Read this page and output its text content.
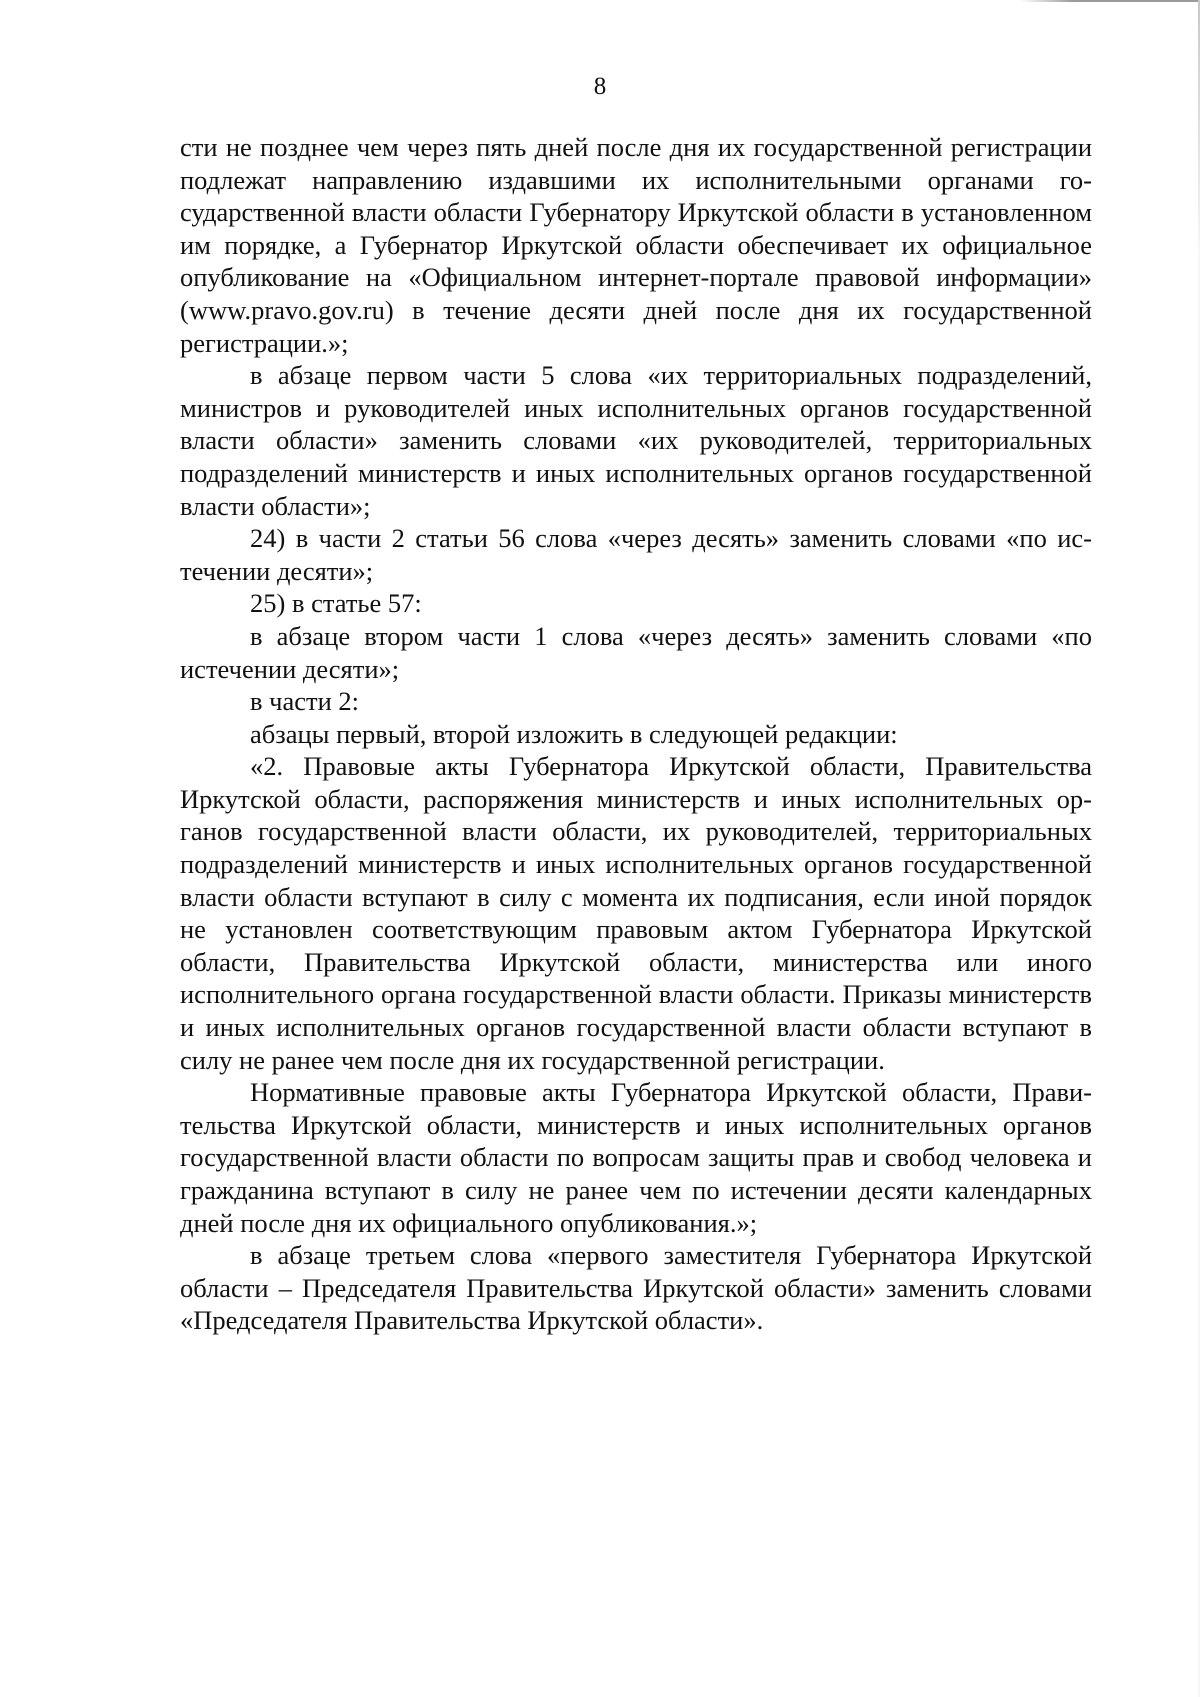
8

сти не позднее чем через пять дней после дня их государственной регистрации подлежат направлению издавшими их исполнительными органами государственной власти области Губернатору Иркутской области в установленном им порядке, а Губернатор Иркутской области обеспечивает их официальное опубликование на «Официальном интернет-портале правовой информации» (www.pravo.gov.ru) в течение десяти дней после дня их государственной регистрации.»;

в абзаце первом части 5 слова «их территориальных подразделений, министров и руководителей иных исполнительных органов государственной власти области» заменить словами «их руководителей, территориальных подразделений министерств и иных исполнительных органов государственной власти области»;

24) в части 2 статьи 56 слова «через десять» заменить словами «по истечении десяти»;

25) в статье 57:

в абзаце втором части 1 слова «через десять» заменить словами «по истечении десяти»;

в части 2:

абзацы первый, второй изложить в следующей редакции:

«2. Правовые акты Губернатора Иркутской области, Правительства Иркутской области, распоряжения министерств и иных исполнительных органов государственной власти области, их руководителей, территориальных подразделений министерств и иных исполнительных органов государственной власти области вступают в силу с момента их подписания, если иной порядок не установлен соответствующим правовым актом Губернатора Иркутской области, Правительства Иркутской области, министерства или иного исполнительного органа государственной власти области. Приказы министерств и иных исполнительных органов государственной власти области вступают в силу не ранее чем после дня их государственной регистрации.

Нормативные правовые акты Губернатора Иркутской области, Правительства Иркутской области, министерств и иных исполнительных органов государственной власти области по вопросам защиты прав и свобод человека и гражданина вступают в силу не ранее чем по истечении десяти календарных дней после дня их официального опубликования.»;

в абзаце третьем слова «первого заместителя Губернатора Иркутской области – Председателя Правительства Иркутской области» заменить словами «Председателя Правительства Иркутской области».
